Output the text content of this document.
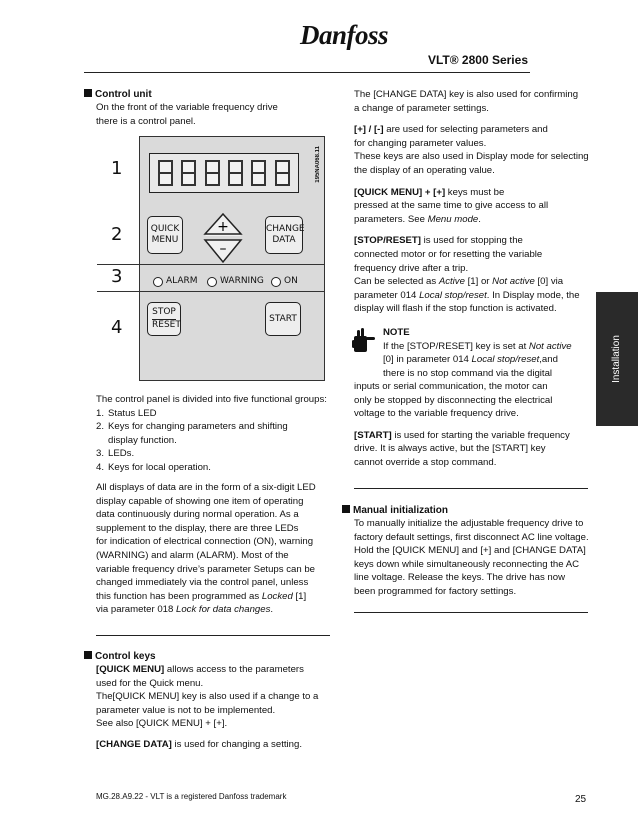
Danfoss
VLT® 2800 Series
Installation
Control unit

On the front of the variable frequency drive

there is a control panel.

1
2
3
4
195NA068.11
QUICK
MENU
CHANGE
DATA
+
–
ALARM WARNING ON
STOP
RESET
START

The control panel is divided into five functional groups:

1. Status LED
2. Keys for changing parameters and shifting
display function.
3. LEDs.
4. Keys for local operation.

All displays of data are in the form of a six-digit LED

display capable of showing one item of operating

data continuously during normal operation. As a

supplement to the display, there are three LEDs

for indication of electrical connection (ON), warning

(WARNING) and alarm (ALARM). Most of the

variable frequency drive’s parameter Setups can be

changed immediately via the control panel, unless

this function has been programmed as Locked [1]

via parameter 018 Lock for data changes.

Control keys

[QUICK MENU] allows access to the parameters

used for the Quick menu.

The[QUICK MENU] key is also used if a change to a

parameter value is not to be implemented.

See also [QUICK MENU] + [+].

[CHANGE DATA] is used for changing a setting.

The [CHANGE DATA] key is also used for confirming

a change of parameter settings.

[+] / [-] are used for selecting parameters and

for changing parameter values.

These keys are also used in Display mode for selecting

the display of an operating value.

[QUICK MENU] + [+] keys must be

pressed at the same time to give access to all

parameters. See Menu mode.

[STOP/RESET] is used for stopping the

connected motor or for resetting the variable

frequency drive after a trip.

Can be selected as Active [1] or Not active [0] via

parameter 014 Local stop/reset. In Display mode, the

display will flash if the stop function is activated.

NOTE

If the [STOP/RESET] key is set at Not active

[0] in parameter 014 Local stop/reset,and

there is no stop command via the digital

inputs or serial communication, the motor can

only be stopped by disconnecting the electrical

voltage to the variable frequency drive.

[START] is used for starting the variable frequency

drive. It is always active, but the [START] key

cannot override a stop command.

Manual initialization

To manually initialize the adjustable frequency drive to

factory default settings, first disconnect AC line voltage.

Hold the [QUICK MENU] and [+] and [CHANGE DATA]

keys down while simultaneously reconnecting the AC

line voltage. Release the keys. The drive has now

been programmed for factory settings.

MG.28.A9.22 - VLT is a registered Danfoss trademark	25
